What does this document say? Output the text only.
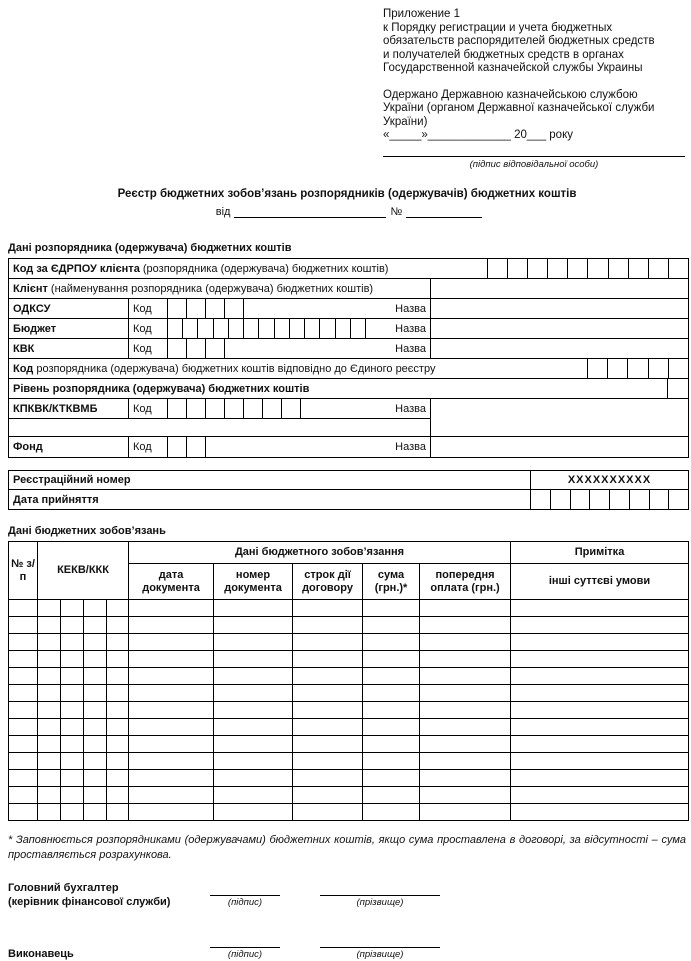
Приложение 1
к Порядку регистрации и учета бюджетных
обязательств распорядителей бюджетных средств
и получателей бюджетных средств в органах
Государственной казначейской службы Украины
Одержано Державною казначейською службою
України (органом Державної казначейської служби
України)
«_____»_____________ 20___ року
(підпис відповідальної особи)
Реєстр бюджетних зобов’язань розпорядників (одержувачів) бюджетних коштів
від	№
Дані розпорядника (одержувача) бюджетних коштів
Код за ЄДРПОУ клієнта (розпорядника (одержувача) бюджетних коштів)
Клієнт (найменування розпорядника (одержувача) бюджетних коштів)
ОДКСУ	Код	Назва
Бюджет	Код	Назва
КВК	Код	Назва
Код розпорядника (одержувача) бюджетних коштів відповідно до Єдиного реєстру
Рівень розпорядника (одержувача) бюджетних коштів
КПКВК/КТКВМБ	Код	Назва
Фонд	Код	Назва
Реєстраційний номер	ХХХХХХХХХХ
Дата прийняття
Дані бюджетних зобов’язань
№ з/п	КЕКВ/ККК				Дані бюджетного зобов’язання					Примітка
					дата документа	номер документа	строк дії договору	сума (грн.)*	попередня оплата (грн.)	інші суттєві умови

* Заповнюється розпорядниками (одержувачами) бюджетних коштів, якщо сума проставлена в договорі, за відсутності – сума проставляється розрахункова.

Головний бухгалтер
(керівник фінансової служби)	(підпис)	(прізвище)
Виконавець	(підпис)	(прізвище)
